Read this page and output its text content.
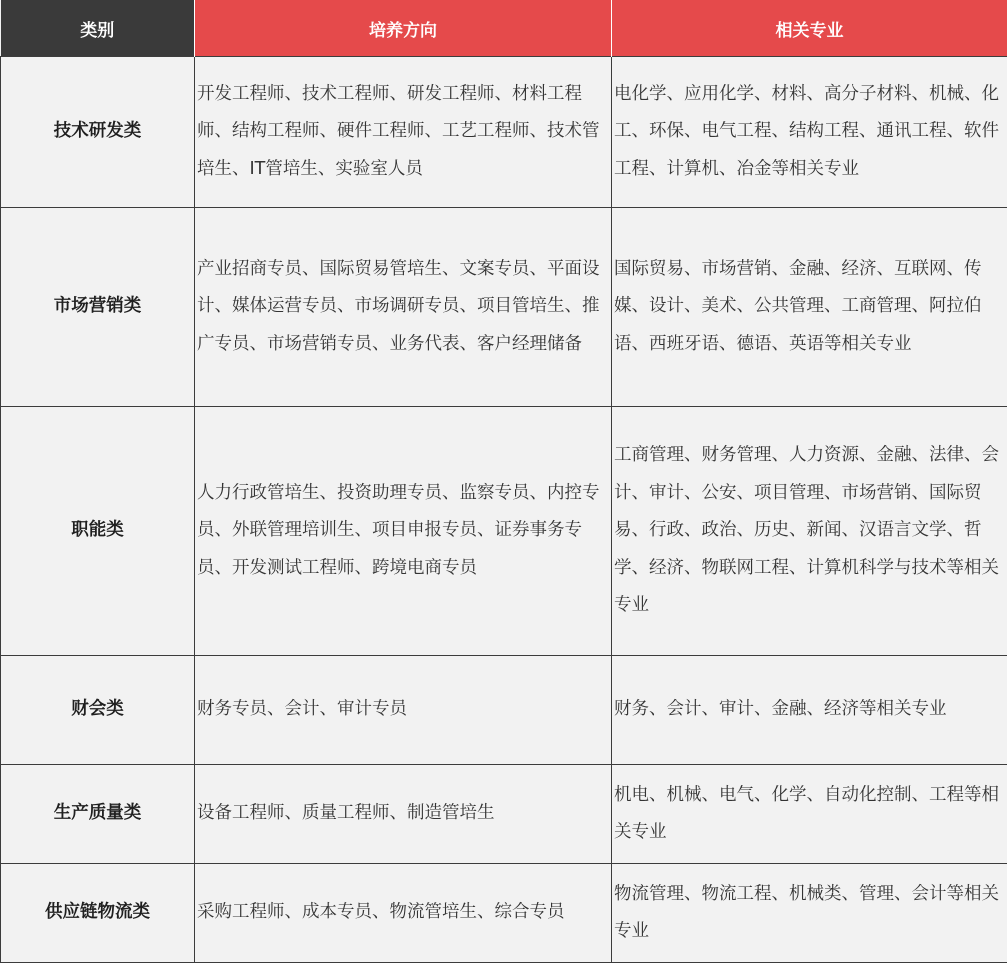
类别	培养方向	相关专业
技术研发类	开发工程师、技术工程师、研发工程师、材料工程师、结构工程师、硬件工程师、工艺工程师、技术管培生、IT管培生、实验室人员	电化学、应用化学、材料、高分子材料、机械、化工、环保、电气工程、结构工程、通讯工程、软件工程、计算机、冶金等相关专业
市场营销类	产业招商专员、国际贸易管培生、文案专员、平面设计、媒体运营专员、市场调研专员、项目管培生、推广专员、市场营销专员、业务代表、客户经理储备	国际贸易、市场营销、金融、经济、互联网、传媒、设计、美术、公共管理、工商管理、阿拉伯语、西班牙语、德语、英语等相关专业
职能类	人力行政管培生、投资助理专员、监察专员、内控专员、外联管理培训生、项目申报专员、证券事务专员、开发测试工程师、跨境电商专员	工商管理、财务管理、人力资源、金融、法律、会计、审计、公安、项目管理、市场营销、国际贸易、行政、政治、历史、新闻、汉语言文学、哲学、经济、物联网工程、计算机科学与技术等相关专业
财会类	财务专员、会计、审计专员	财务、会计、审计、金融、经济等相关专业
生产质量类	设备工程师、质量工程师、制造管培生	机电、机械、电气、化学、自动化控制、工程等相关专业
供应链物流类	采购工程师、成本专员、物流管培生、综合专员	物流管理、物流工程、机械类、管理、会计等相关专业
